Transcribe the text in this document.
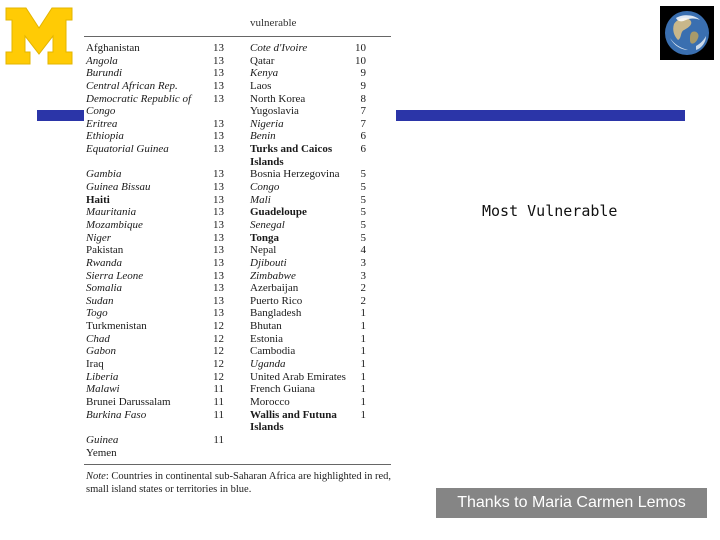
vulnerable
Afghanistan
Angola
Burundi
Central African Rep.
Democratic Republic of
Congo
Eritrea
Ethiopia
Equatorial Guinea
Gambia
Guinea Bissau
Haiti
Mauritania
Mozambique
Niger
Pakistan
Rwanda
Sierra Leone
Somalia
Sudan
Togo
Turkmenistan
Chad
Gabon
Iraq
Liberia
Malawi
Brunei Darussalam
Burkina Faso
Guinea
Yemen
13
13
13
13
13
13
13
13
13
13
13
13
13
13
13
13
13
13
13
13
12
12
12
12
12
11
11
11
11
Cote d'Ivoire
Qatar
Kenya
Laos
North Korea
Yugoslavia
Nigeria
Benin
Turks and Caicos
Islands
Bosnia Herzegovina
Congo
Mali
Guadeloupe
Senegal
Tonga
Nepal
Djibouti
Zimbabwe
Azerbaijan
Puerto Rico
Bangladesh
Bhutan
Estonia
Cambodia
Uganda
United Arab Emirates
French Guiana
Morocco
Wallis and Futuna
Islands
10
10
9
9
8
7
7
6
6
5
5
5
5
5
5
4
3
3
2
2
1
1
1
1
1
1
1
1
1
Note: Countries in continental sub-Saharan Africa are highlighted in red, small island states or territories in blue.
Most Vulnerable
Thanks to Maria Carmen Lemos
